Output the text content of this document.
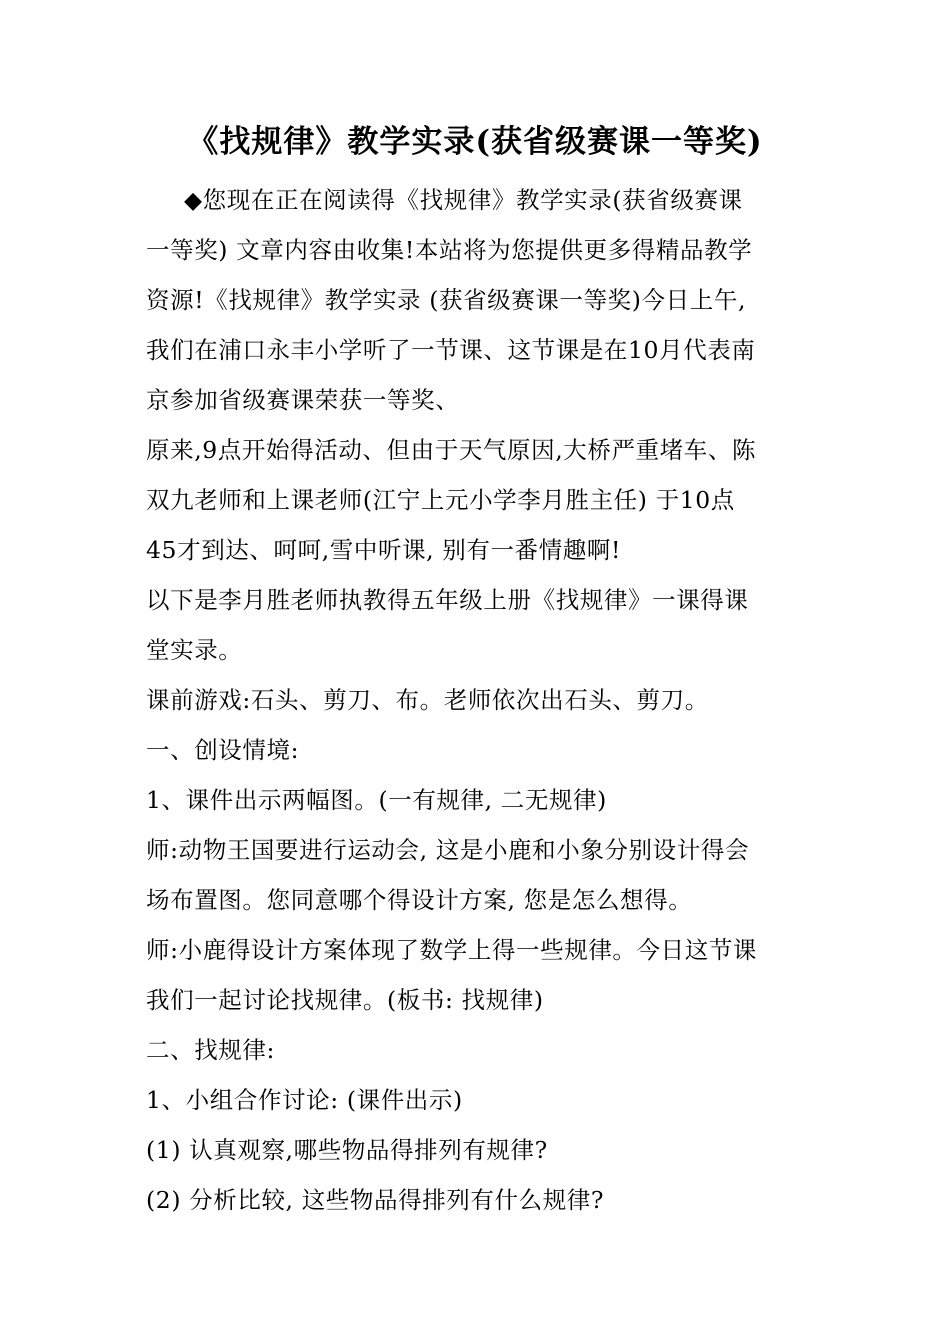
《找规律》教学实录(获省级赛课一等奖)
◆您现在正在阅读得《找规律》教学实录(获省级赛课
一等奖) 文章内容由收集!本站将为您提供更多得精品教学
资源!《找规律》教学实录 (获省级赛课一等奖)今日上午,
我们在浦口永丰小学听了一节课、这节课是在10月代表南
京参加省级赛课荣获一等奖、
原来,9点开始得活动、但由于天气原因,大桥严重堵车、陈
双九老师和上课老师(江宁上元小学李月胜主任) 于10点
45才到达、呵呵,雪中听课, 别有一番情趣啊!
以下是李月胜老师执教得五年级上册《找规律》一课得课
堂实录。
课前游戏:石头、剪刀、布。老师依次出石头、剪刀。
一、创设情境:
1、课件出示两幅图。(一有规律, 二无规律)
师:动物王国要进行运动会, 这是小鹿和小象分别设计得会
场布置图。您同意哪个得设计方案, 您是怎么想得。
师:小鹿得设计方案体现了数学上得一些规律。今日这节课
我们一起讨论找规律。(板书: 找规律)
二、找规律:
1、小组合作讨论: (课件出示)
(1) 认真观察,哪些物品得排列有规律?
(2) 分析比较, 这些物品得排列有什么规律?
